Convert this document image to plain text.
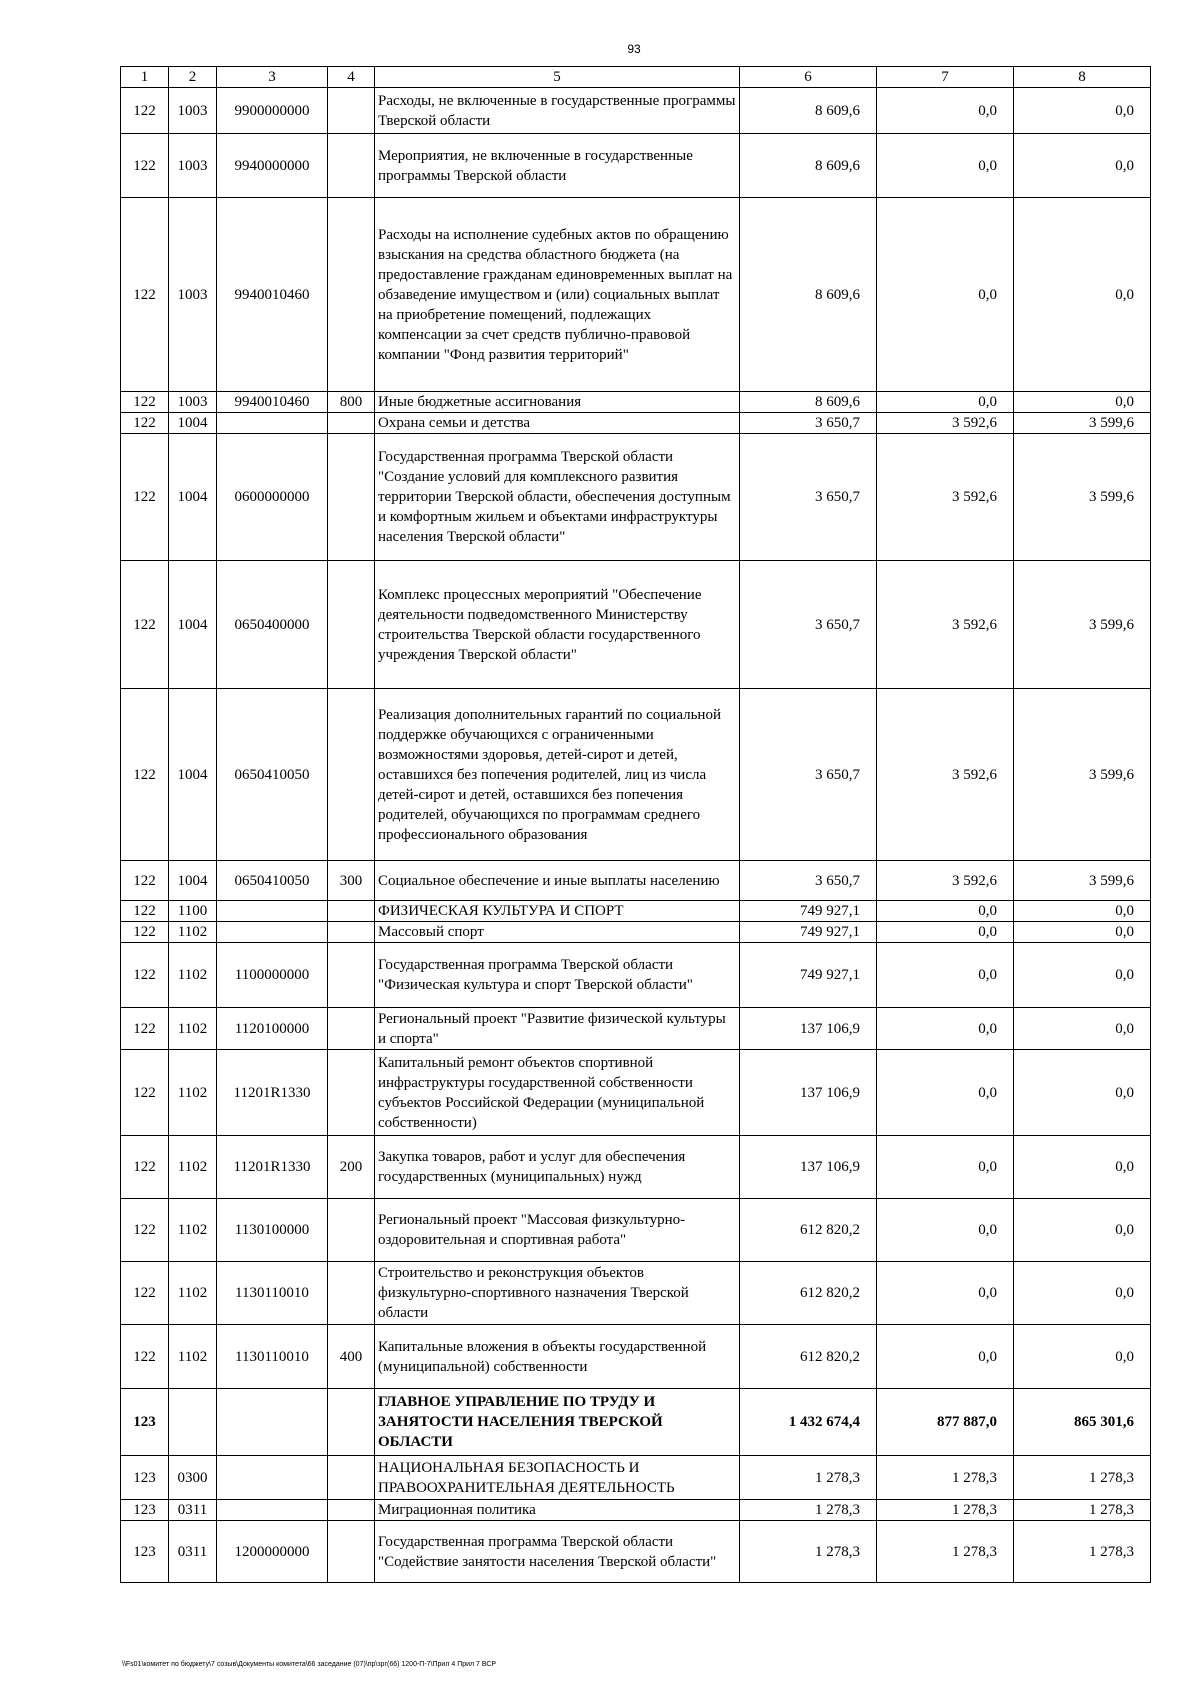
93
1	2	3	4	5	6	7	8
122	1003	9900000000		Расходы, не включенные в государственные программы Тверской области	8 609,6	0,0	0,0
122	1003	9940000000		Мероприятия, не включенные в государственные программы Тверской области	8 609,6	0,0	0,0
122	1003	9940010460		Расходы на исполнение судебных актов по обращению взыскания на средства областного бюджета (на предоставление гражданам единовременных выплат на обзаведение имуществом и (или) социальных выплат на приобретение помещений, подлежащих компенсации за счет средств публично-правовой компании "Фонд развития территорий"	8 609,6	0,0	0,0
122	1003	9940010460	800	Иные бюджетные ассигнования	8 609,6	0,0	0,0
122	1004			Охрана семьи и детства	3 650,7	3 592,6	3 599,6
122	1004	0600000000		Государственная программа Тверской области "Создание условий для комплексного развития территории Тверской области, обеспечения доступным и комфортным жильем и объектами инфраструктуры населения Тверской области"	3 650,7	3 592,6	3 599,6
122	1004	0650400000		Комплекс процессных мероприятий "Обеспечение деятельности подведомственного Министерству строительства Тверской области государственного учреждения Тверской области"	3 650,7	3 592,6	3 599,6
122	1004	0650410050		Реализация дополнительных гарантий по социальной поддержке обучающихся с ограниченными возможностями здоровья, детей-сирот и детей, оставшихся без попечения родителей, лиц из числа детей-сирот и детей, оставшихся без попечения родителей, обучающихся по программам среднего профессионального образования	3 650,7	3 592,6	3 599,6
122	1004	0650410050	300	Социальное обеспечение и иные выплаты населению	3 650,7	3 592,6	3 599,6
122	1100			ФИЗИЧЕСКАЯ КУЛЬТУРА И СПОРТ	749 927,1	0,0	0,0
122	1102			Массовый спорт	749 927,1	0,0	0,0
122	1102	1100000000		Государственная программа Тверской области "Физическая культура и спорт Тверской области"	749 927,1	0,0	0,0
122	1102	1120100000		Региональный проект "Развитие физической культуры и спорта"	137 106,9	0,0	0,0
122	1102	11201R1330		Капитальный ремонт объектов спортивной инфраструктуры государственной собственности субъектов Российской Федерации (муниципальной собственности)	137 106,9	0,0	0,0
122	1102	11201R1330	200	Закупка товаров, работ и услуг для обеспечения государственных (муниципальных) нужд	137 106,9	0,0	0,0
122	1102	1130100000		Региональный проект "Массовая физкультурно-оздоровительная и спортивная работа"	612 820,2	0,0	0,0
122	1102	1130110010		Строительство и реконструкция объектов физкультурно-спортивного назначения Тверской области	612 820,2	0,0	0,0
122	1102	1130110010	400	Капитальные вложения в объекты государственной (муниципальной) собственности	612 820,2	0,0	0,0
123				ГЛАВНОЕ УПРАВЛЕНИЕ ПО ТРУДУ И ЗАНЯТОСТИ НАСЕЛЕНИЯ ТВЕРСКОЙ ОБЛАСТИ	1 432 674,4	877 887,0	865 301,6
123	0300			НАЦИОНАЛЬНАЯ БЕЗОПАСНОСТЬ И ПРАВООХРАНИТЕЛЬНАЯ ДЕЯТЕЛЬНОСТЬ	1 278,3	1 278,3	1 278,3
123	0311			Миграционная политика	1 278,3	1 278,3	1 278,3
123	0311	1200000000		Государственная программа Тверской области "Содействие занятости населения Тверской области"	1 278,3	1 278,3	1 278,3
\\Fs01\комитет по бюджету\7 созыв\Документы комитета\66 заседание (07)\пр\зрг(66) 1200-П-7\Прил 4 Прил 7 ВСР
